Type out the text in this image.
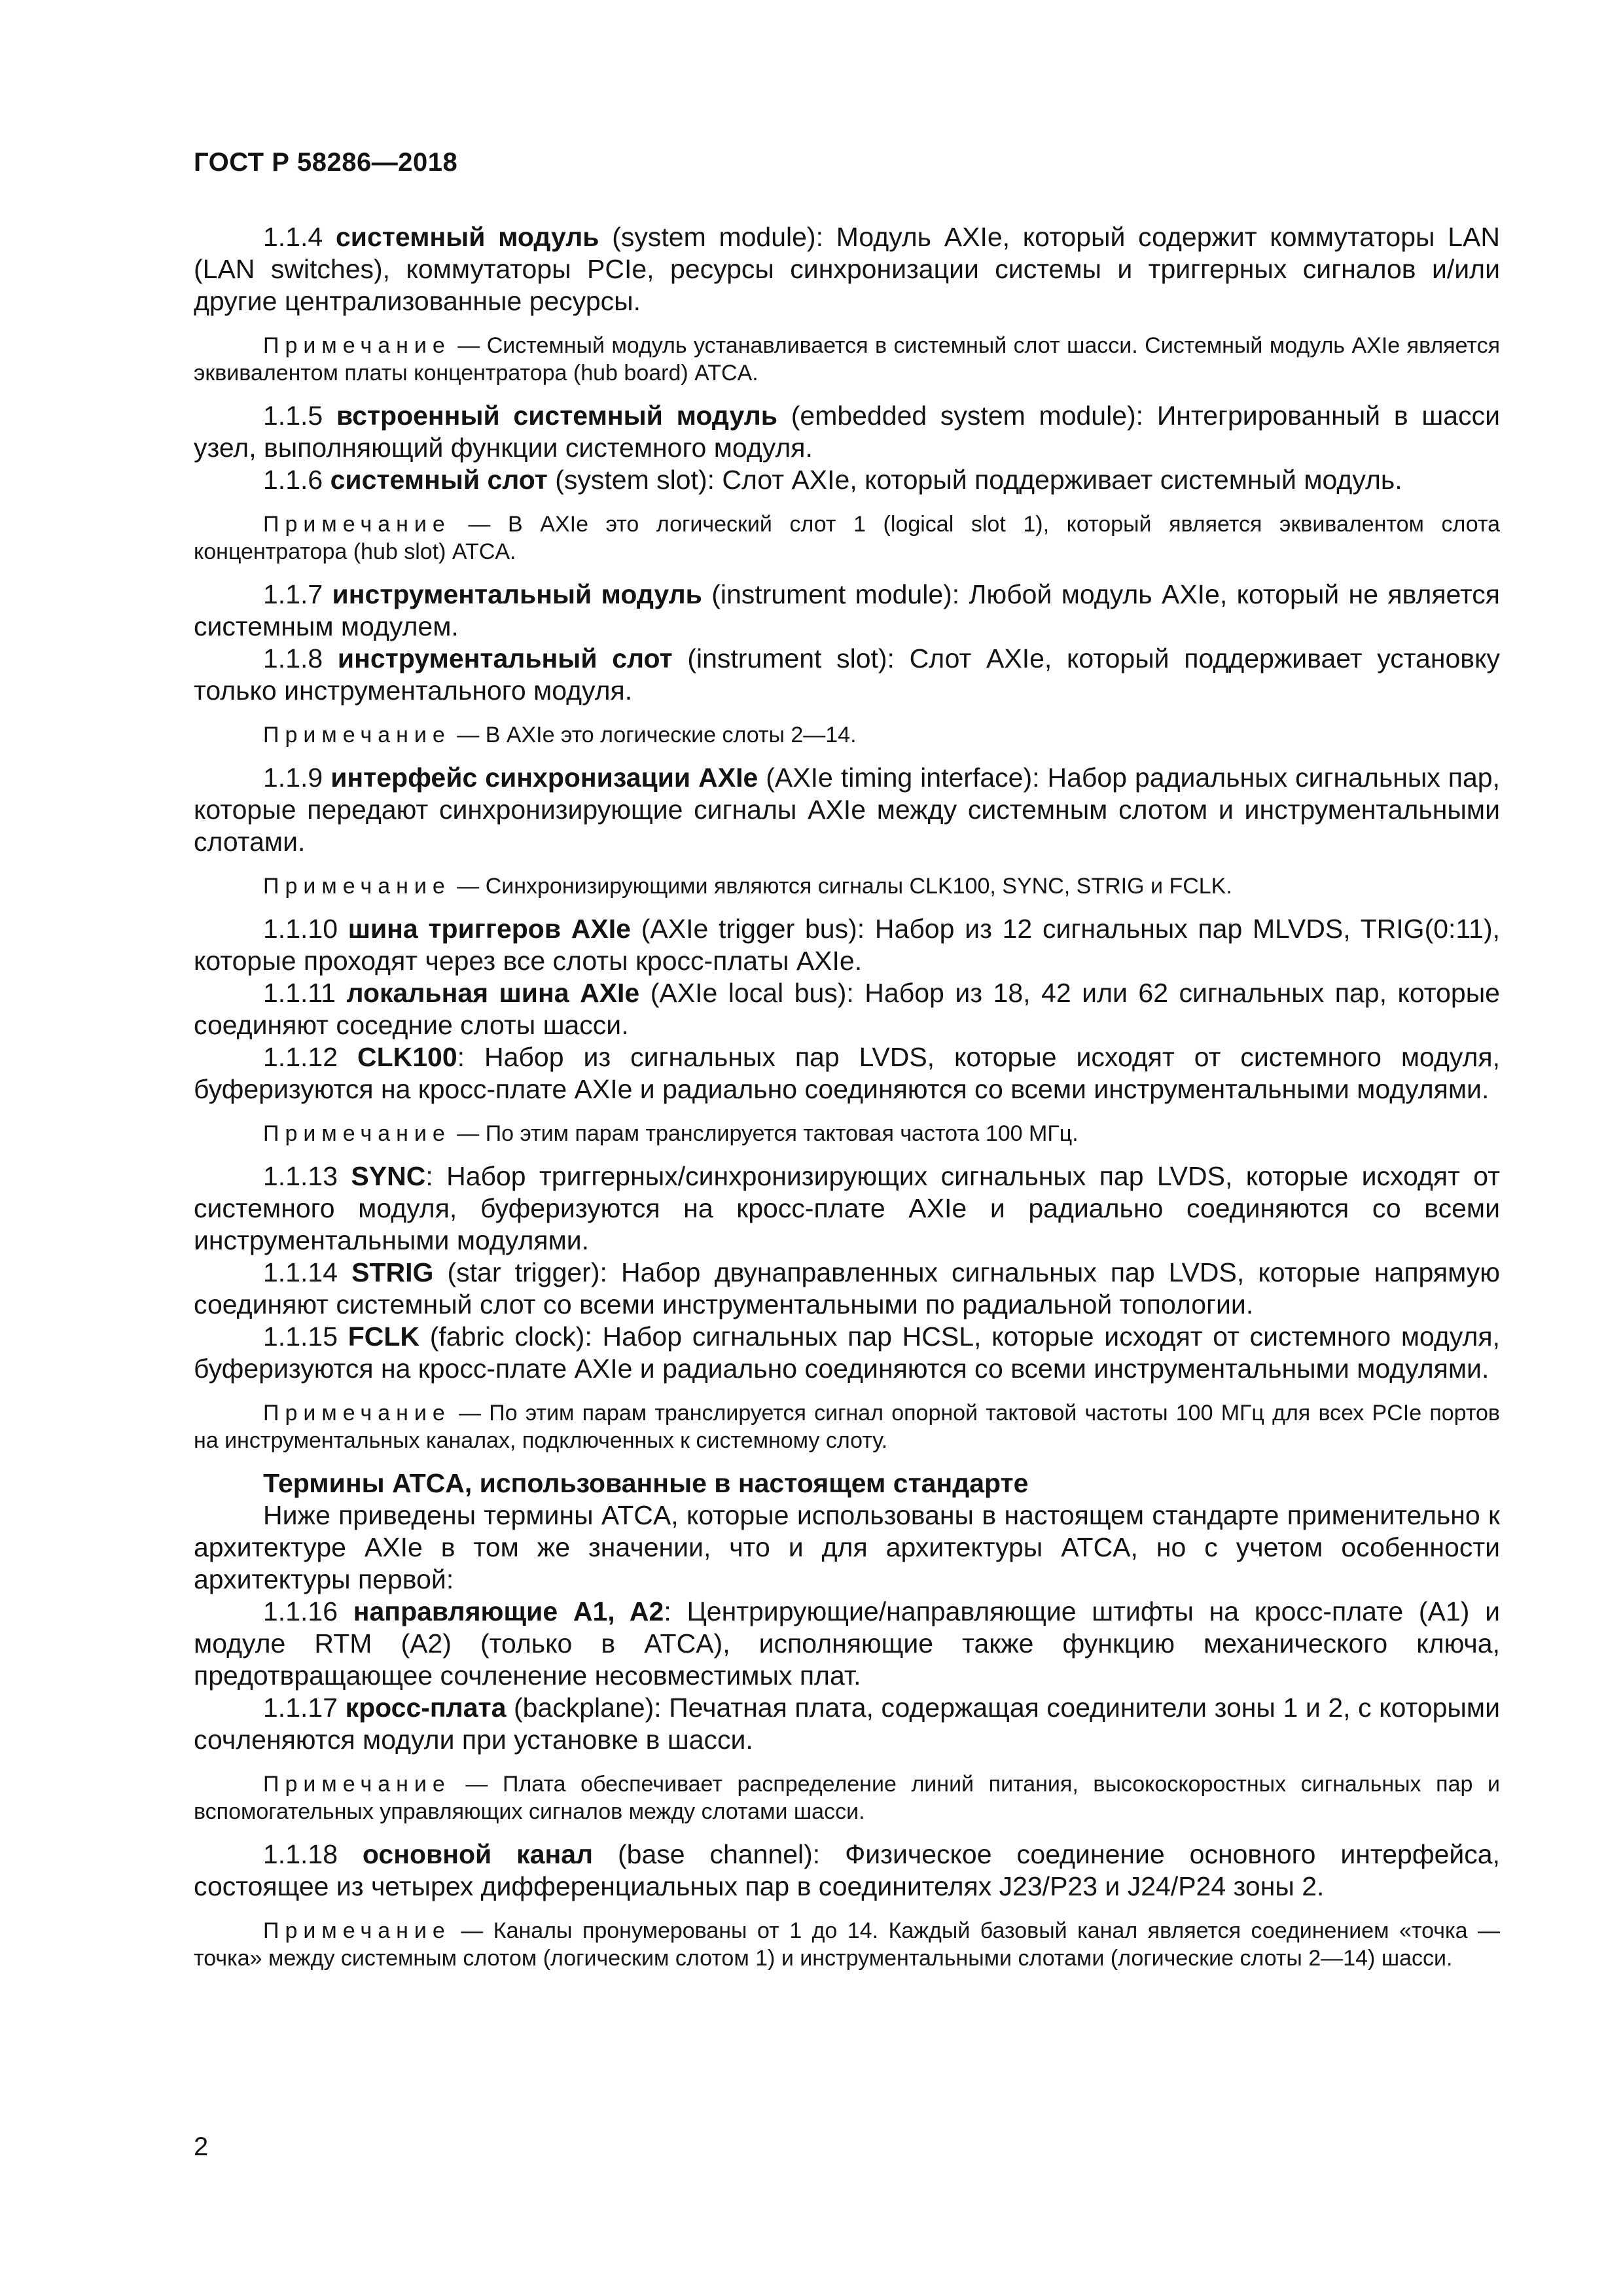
ГОСТ Р 58286—2018

1.1.4 системный модуль (system module): Модуль AXIe, который содержит коммутаторы LAN (LAN switches), коммутаторы PCIe, ресурсы синхронизации системы и триггерных сигналов и/или другие централизованные ресурсы.

Примечание — Системный модуль устанавливается в системный слот шасси. Системный модуль AXIe является эквивалентом платы концентратора (hub board) ATCA.

1.1.5 встроенный системный модуль (embedded system module): Интегрированный в шасси узел, выполняющий функции системного модуля.

1.1.6 системный слот (system slot): Слот AXIe, который поддерживает системный модуль.

Примечание — В AXIe это логический слот 1 (logical slot 1), который является эквивалентом слота концентратора (hub slot) ATCA.

1.1.7 инструментальный модуль (instrument module): Любой модуль AXIe, который не является системным модулем.

1.1.8 инструментальный слот (instrument slot): Слот AXIe, который поддерживает установку только инструментального модуля.

Примечание — В AXIe это логические слоты 2—14.

1.1.9 интерфейс синхронизации AXIe (AXIe timing interface): Набор радиальных сигнальных пар, которые передают синхронизирующие сигналы AXIe между системным слотом и инструментальными слотами.

Примечание — Синхронизирующими являются сигналы CLK100, SYNC, STRIG и FCLK.

1.1.10 шина триггеров AXIe (AXIe trigger bus): Набор из 12 сигнальных пар MLVDS, TRIG(0:11), которые проходят через все слоты кросс-платы AXIe.

1.1.11 локальная шина AXIe (AXIe local bus): Набор из 18, 42 или 62 сигнальных пар, которые соединяют соседние слоты шасси.

1.1.12 CLK100: Набор из сигнальных пар LVDS, которые исходят от системного модуля, буферизуются на кросс-плате AXIe и радиально соединяются со всеми инструментальными модулями.

Примечание — По этим парам транслируется тактовая частота 100 МГц.

1.1.13 SYNC: Набор триггерных/синхронизирующих сигнальных пар LVDS, которые исходят от системного модуля, буферизуются на кросс-плате AXIe и радиально соединяются со всеми инструментальными модулями.

1.1.14 STRIG (star trigger): Набор двунаправленных сигнальных пар LVDS, которые напрямую соединяют системный слот со всеми инструментальными по радиальной топологии.

1.1.15 FCLK (fabric clock): Набор сигнальных пар HCSL, которые исходят от системного модуля, буферизуются на кросс-плате AXIe и радиально соединяются со всеми инструментальными модулями.

Примечание — По этим парам транслируется сигнал опорной тактовой частоты 100 МГц для всех PCIe портов на инструментальных каналах, подключенных к системному слоту.

Термины ATCA, использованные в настоящем стандарте

Ниже приведены термины ATCA, которые использованы в настоящем стандарте применительно к архитектуре AXIe в том же значении, что и для архитектуры ATCA, но с учетом особенности архитектуры первой:

1.1.16 направляющие A1, A2: Центрирующие/направляющие штифты на кросс-плате (A1) и модуле RTM (A2) (только в ATCA), исполняющие также функцию механического ключа, предотвращающее сочленение несовместимых плат.

1.1.17 кросс-плата (backplane): Печатная плата, содержащая соединители зоны 1 и 2, с которыми сочленяются модули при установке в шасси.

Примечание — Плата обеспечивает распределение линий питания, высокоскоростных сигнальных пар и вспомогательных управляющих сигналов между слотами шасси.

1.1.18 основной канал (base channel): Физическое соединение основного интерфейса, состоящее из четырех дифференциальных пар в соединителях J23/P23 и J24/P24 зоны 2.

Примечание — Каналы пронумерованы от 1 до 14. Каждый базовый канал является соединением «точка — точка» между системным слотом (логическим слотом 1) и инструментальными слотами (логические слоты 2—14) шасси.

2
